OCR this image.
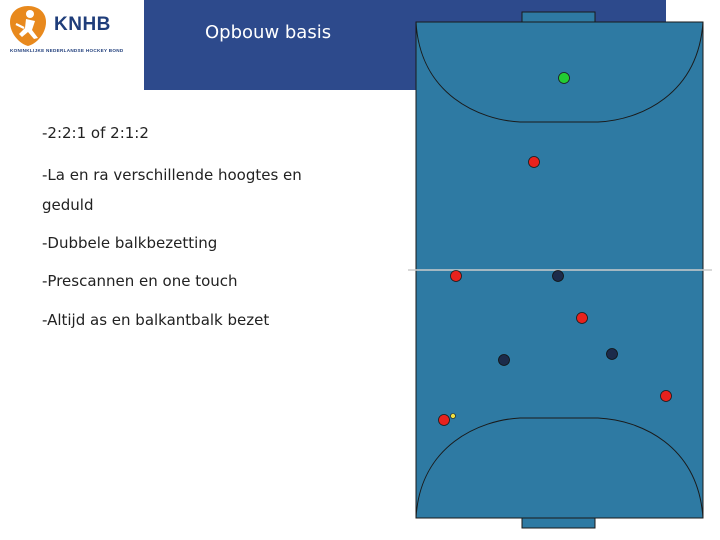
Opbouw basis
KNHB
KONINKLIJKE NEDERLANDSE HOCKEY BOND
-2:2:1 of 2:1:2
-La en ra verschillende hoogtes en
geduld
-Dubbele balkbezetting
-Prescannen en one touch
-Altijd as en balkantbalk bezet
